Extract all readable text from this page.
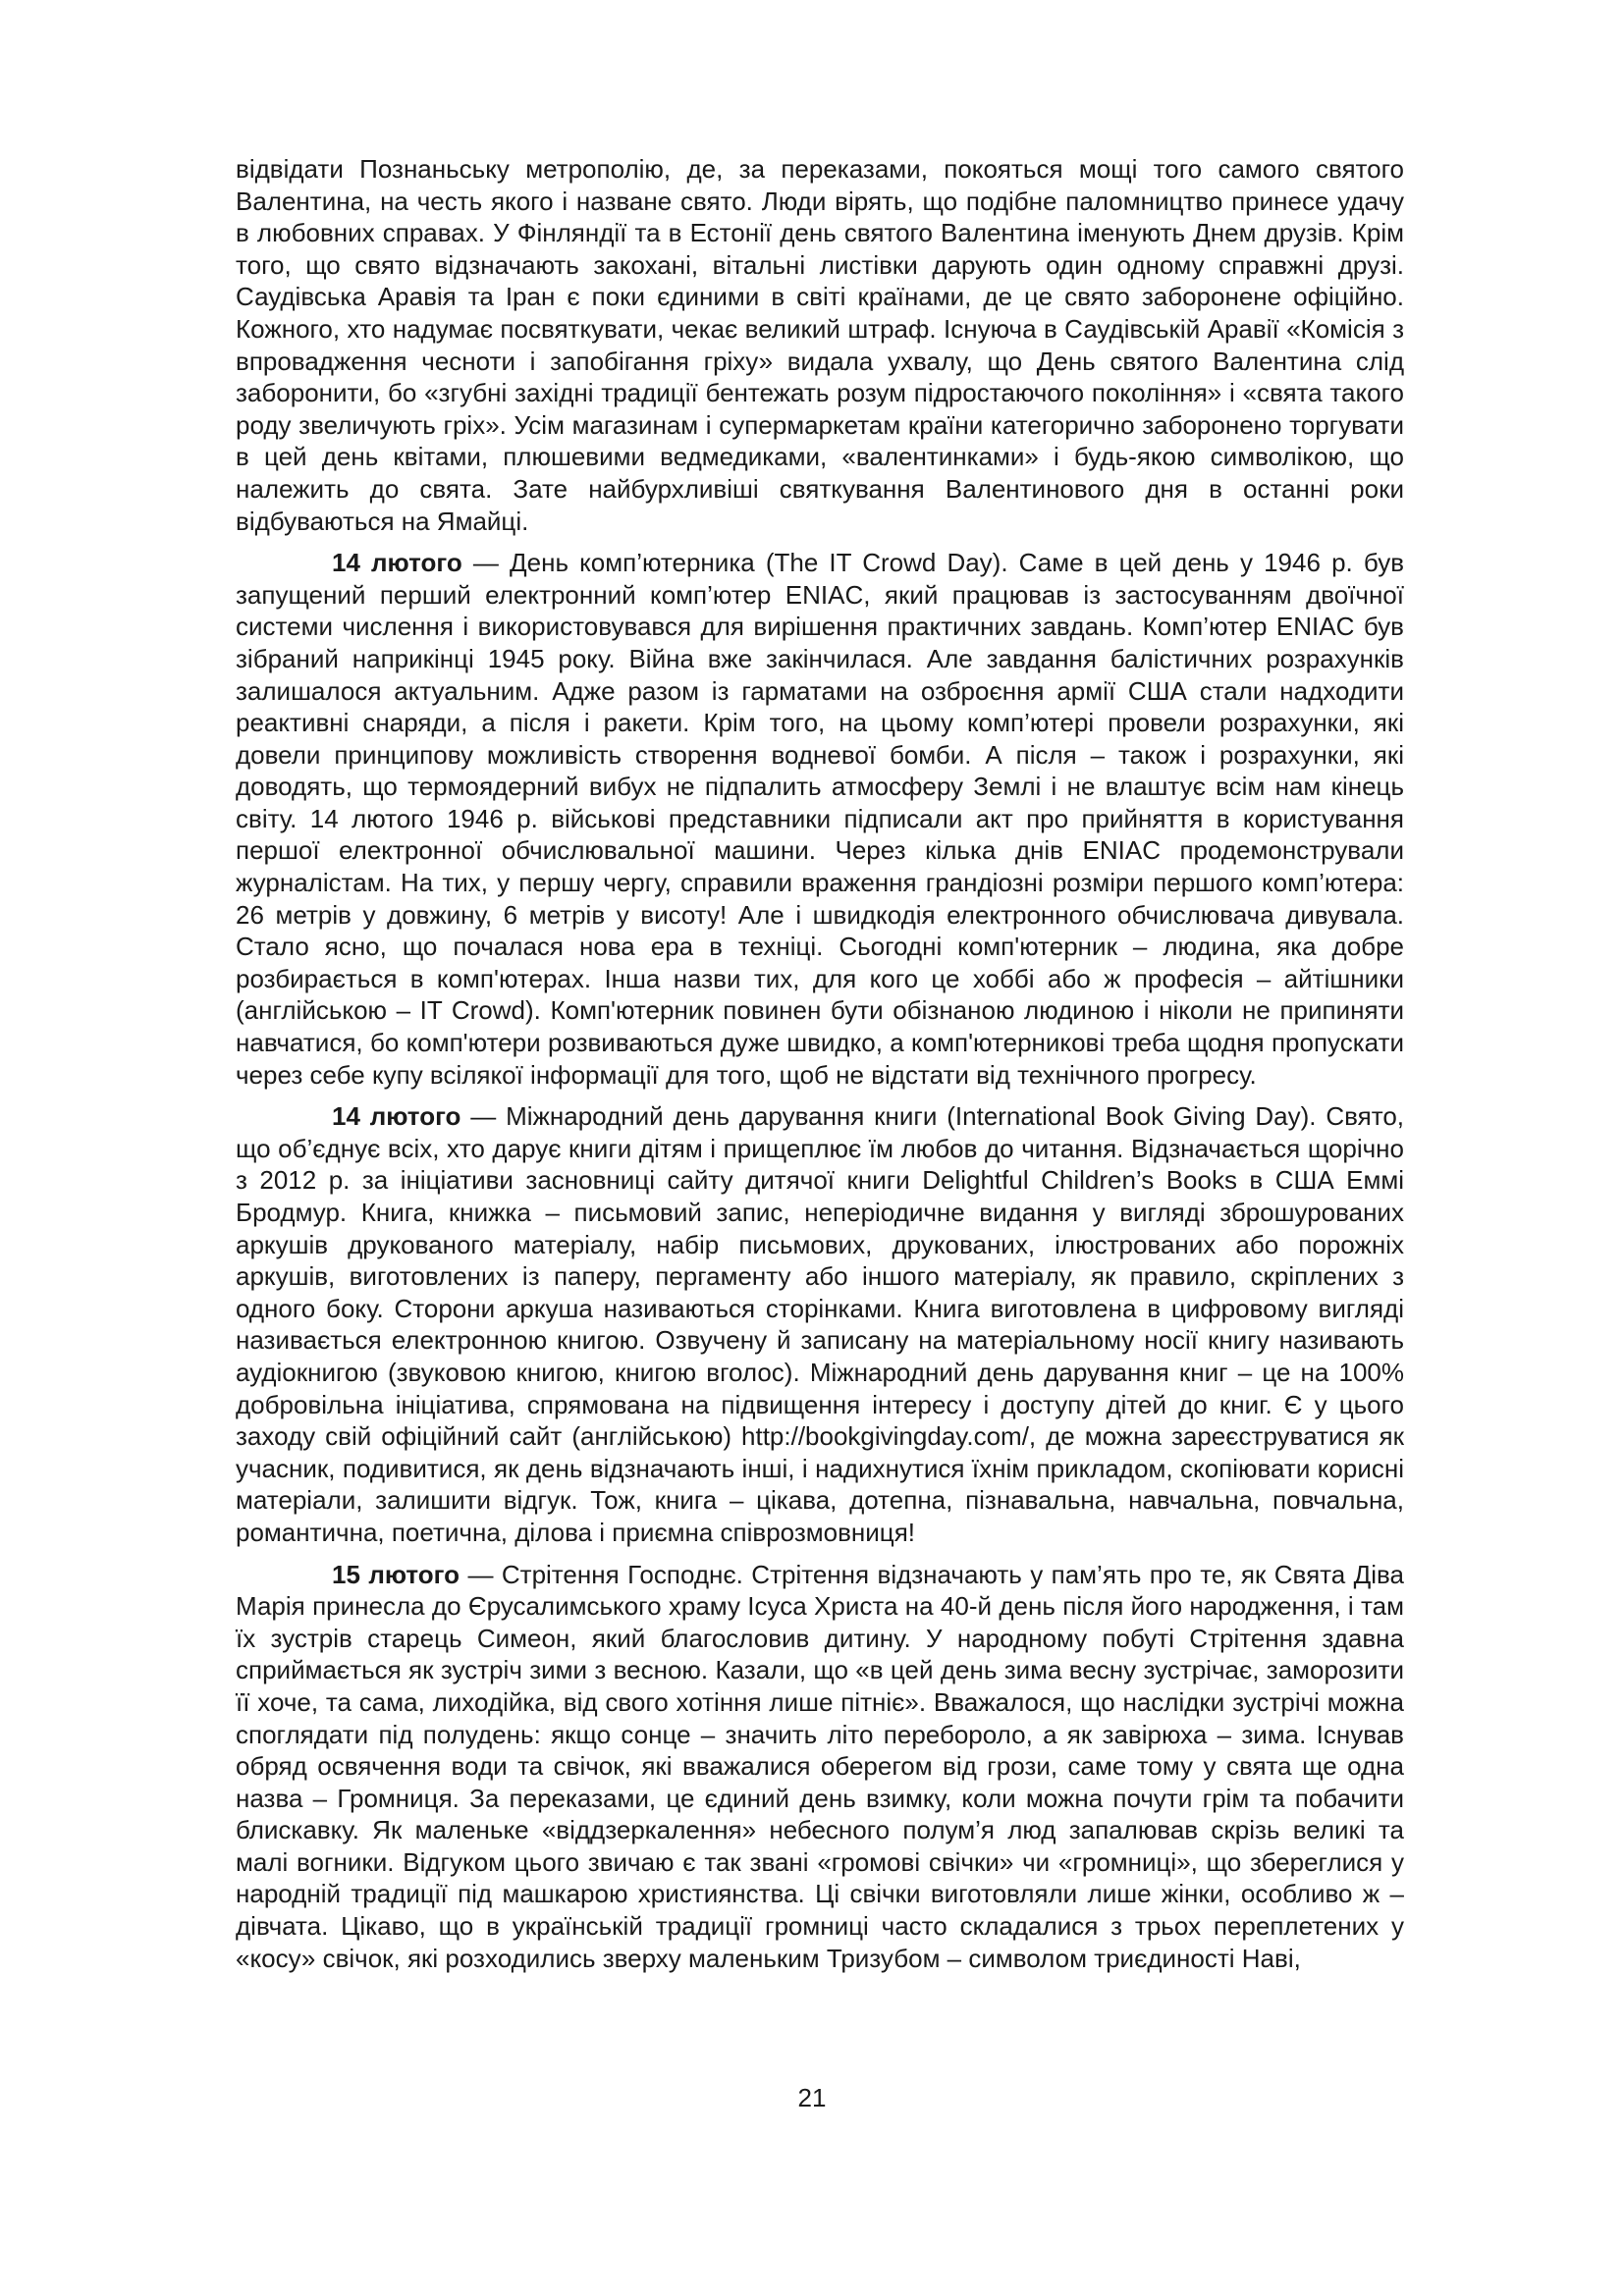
відвідати Познаньську метрополію, де, за переказами, покояться мощі того самого святого Валентина, на честь якого і назване свято. Люди вірять, що подібне паломництво принесе удачу в любовних справах. У Фінляндії та в Естонії день святого Валентина іменують Днем друзів. Крім того, що свято відзначають закохані, вітальні листівки дарують один одному справжні друзі. Саудівська Аравія та Іран є поки єдиними в світі країнами, де це свято заборонене офіційно. Кожного, хто надумає посвяткувати, чекає великий штраф. Існуюча в Саудівській Аравії «Комісія з впровадження чесноти і запобігання гріху» видала ухвалу, що День святого Валентина слід заборонити, бо «згубні західні традиції бентежать розум підростаючого покоління» і «свята такого роду звеличують гріх». Усім магазинам і супермаркетам країни категорично заборонено торгувати в цей день квітами, плюшевими ведмедиками, «валентинками» і будь-якою символікою, що належить до свята. Зате найбурхливіші святкування Валентинового дня в останні роки відбуваються на Ямайці.

14 лютого — День комп’ютерника (The IT Crowd Day). Саме в цей день у 1946 р. був запущений перший електронний комп’ютер ENIAC, який працював із застосуванням двоїчної системи числення і використовувався для вирішення практичних завдань. Комп’ютер ENIAC був зібраний наприкінці 1945 року. Війна вже закінчилася. Але завдання балістичних розрахунків залишалося актуальним. Адже разом із гарматами на озброєння армії США стали надходити реактивні снаряди, а після і ракети. Крім того, на цьому комп’ютері провели розрахунки, які довели принципову можливість створення водневої бомби. А після – також і розрахунки, які доводять, що термоядерний вибух не підпалить атмосферу Землі і не влаштує всім нам кінець світу. 14 лютого 1946 р. військові представники підписали акт про прийняття в користування першої електронної обчислювальної машини. Через кілька днів ENIAC продемонстрували журналістам. На тих, у першу чергу, справили враження грандіозні розміри першого комп’ютера: 26 метрів у довжину, 6 метрів у висоту! Але і швидкодія електронного обчислювача дивувала. Стало ясно, що почалася нова ера в техніці. Сьогодні комп'ютерник – людина, яка добре розбирається в комп'ютерах. Інша назви тих, для кого це хоббі або ж професія – айтішники (англійською – IT Crowd). Комп'ютерник повинен бути обізнаною людиною і ніколи не припиняти навчатися, бо комп'ютери розвиваються дуже швидко, а комп'ютерникові треба щодня пропускати через себе купу всілякої інформації для того, щоб не відстати від технічного прогресу.

14 лютого — Міжнародний день дарування книги (International Book Giving Day). Свято, що об’єднує всіх, хто дарує книги дітям і прищеплює їм любов до читання. Відзначається щорічно з 2012 р. за ініціативи засновниці сайту дитячої книги Delightful Children’s Books в США Еммі Бродмур. Книга, книжка – письмовий запис, неперіодичне видання у вигляді зброшурованих аркушів друкованого матеріалу, набір письмових, друкованих, ілюстрованих або порожніх аркушів, виготовлених із паперу, пергаменту або іншого матеріалу, як правило, скріплених з одного боку. Сторони аркуша називаються сторінками. Книга виготовлена в цифровому вигляді називається електронною книгою. Озвучену й записану на матеріальному носії книгу називають аудіокнигою (звуковою книгою, книгою вголос). Міжнародний день дарування книг – це на 100% добровільна ініціатива, спрямована на підвищення інтересу і доступу дітей до книг. Є у цього заходу свій офіційний сайт (англійською) http://bookgivingday.com/, де можна зареєструватися як учасник, подивитися, як день відзначають інші, і надихнутися їхнім прикладом, скопіювати корисні матеріали, залишити відгук. Тож, книга – цікава, дотепна, пізнавальна, навчальна, повчальна, романтична, поетична, ділова і приємна співрозмовниця!

15 лютого — Стрітення Господнє. Стрітення відзначають у пам’ять про те, як Свята Діва Марія принесла до Єрусалимського храму Ісуса Христа на 40-й день після його народження, і там їх зустрів старець Симеон, який благословив дитину. У народному побуті Стрітення здавна сприймається як зустріч зими з весною. Казали, що «в цей день зима весну зустрічає, заморозити її хоче, та сама, лиходійка, від свого хотіння лише пітніє». Вважалося, що наслідки зустрічі можна споглядати під полудень: якщо сонце – значить літо перебороло, а як завірюха – зима. Існував обряд освячення води та свічок, які вважалися оберегом від грози, саме тому у свята ще одна назва – Громниця. За переказами, це єдиний день взимку, коли можна почути грім та побачити блискавку. Як маленьке «віддзеркалення» небесного полум’я люд запалював скрізь великі та малі вогники. Відгуком цього звичаю є так звані «громові свічки» чи «громниці», що збереглися у народній традиції під машкарою християнства. Ці свічки виготовляли лише жінки, особливо ж – дівчата. Цікаво, що в українській традиції громниці часто складалися з трьох переплетених у «косу» свічок, які розходились зверху маленьким Тризубом – символом триєдиності Наві,

21
